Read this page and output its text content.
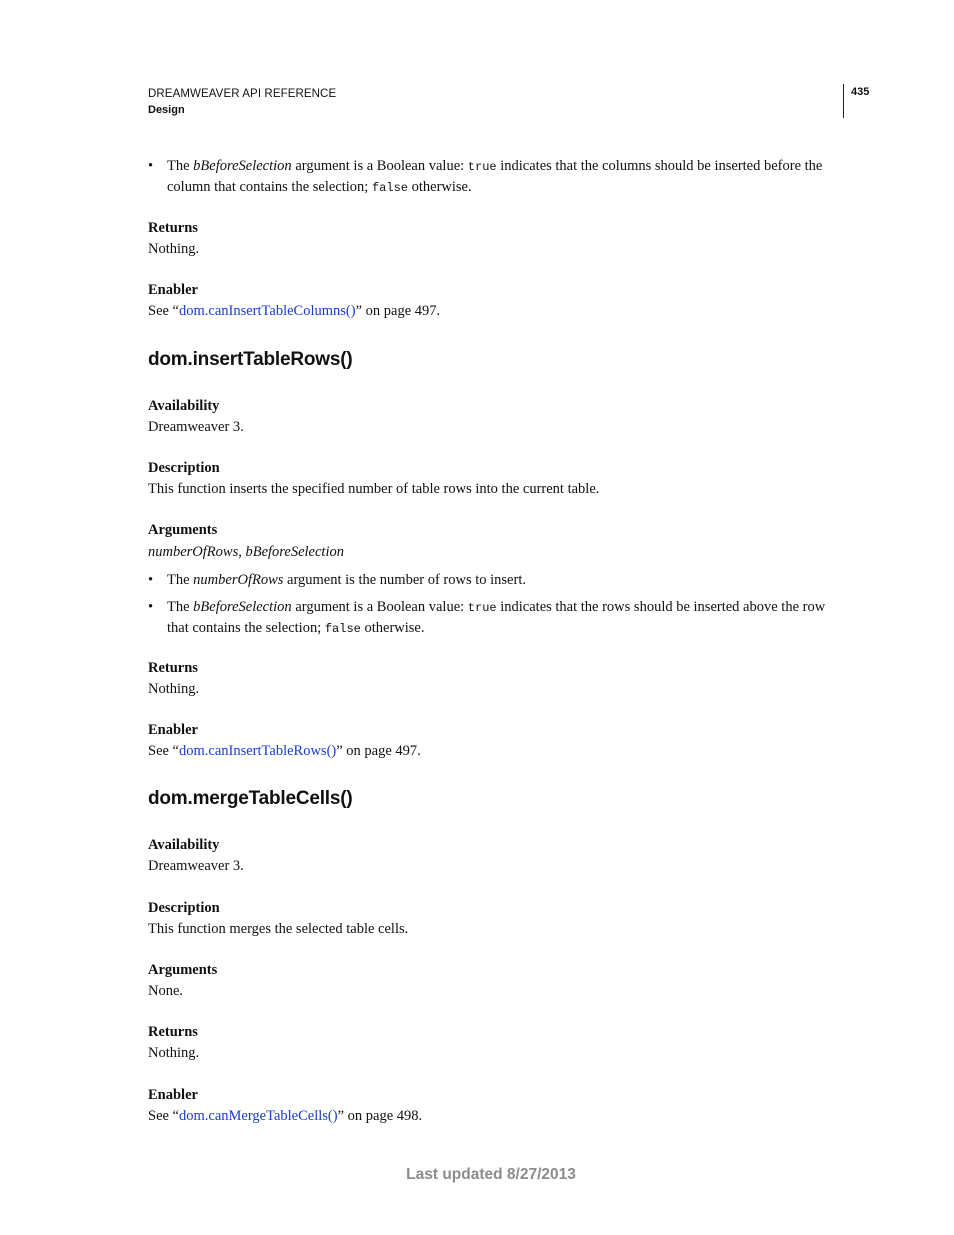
DREAMWEAVER API REFERENCE
Design
435
• The bBeforeSelection argument is a Boolean value: true indicates that the columns should be inserted before the column that contains the selection; false otherwise.
Returns
Nothing.
Enabler
See “dom.canInsertTableColumns()” on page 497.
dom.insertTableRows()
Availability
Dreamweaver 3.
Description
This function inserts the specified number of table rows into the current table.
Arguments
numberOfRows, bBeforeSelection
• The numberOfRows argument is the number of rows to insert.
• The bBeforeSelection argument is a Boolean value: true indicates that the rows should be inserted above the row that contains the selection; false otherwise.
Returns
Nothing.
Enabler
See “dom.canInsertTableRows()” on page 497.
dom.mergeTableCells()
Availability
Dreamweaver 3.
Description
This function merges the selected table cells.
Arguments
None.
Returns
Nothing.
Enabler
See “dom.canMergeTableCells()” on page 498.
Last updated 8/27/2013
